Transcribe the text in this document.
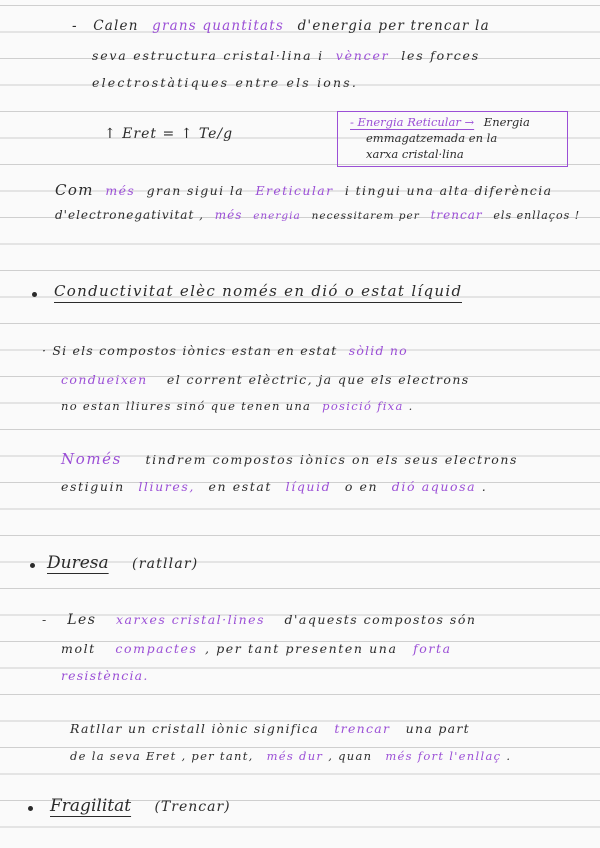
- Calen grans quantitats d'energia per trencar la
seva estructura cristal·lina i vèncer les forces
electrostàtiques entre els ions.
↑ Eret = ↑ Te/g
- Energia Reticular → Energia
emmagatzemada en la
xarxa cristal·lina
Com més gran sigui la Ereticular i tingui una alta diferència
d'electronegativitat , més energia necessitarem per trencar els enllaços !
Conductivitat elèc només en dió o estat líquid
· Si els compostos iònics estan en estat sòlid no
condueixen el corrent elèctric, ja que els electrons
no estan lliures sinó que tenen una posició fixa .
Només tindrem compostos iònics on els seus electrons
estiguin lliures, en estat líquid o en dió aquosa .
Duresa (ratllar)
- Les xarxes cristal·lines d'aquests compostos són
molt compactes , per tant presenten una forta
resistència.
Ratllar un cristall iònic significa trencar una part
de la seva Eret , per tant, més dur , quan més fort l'enllaç .
Fragilitat (Trencar)
